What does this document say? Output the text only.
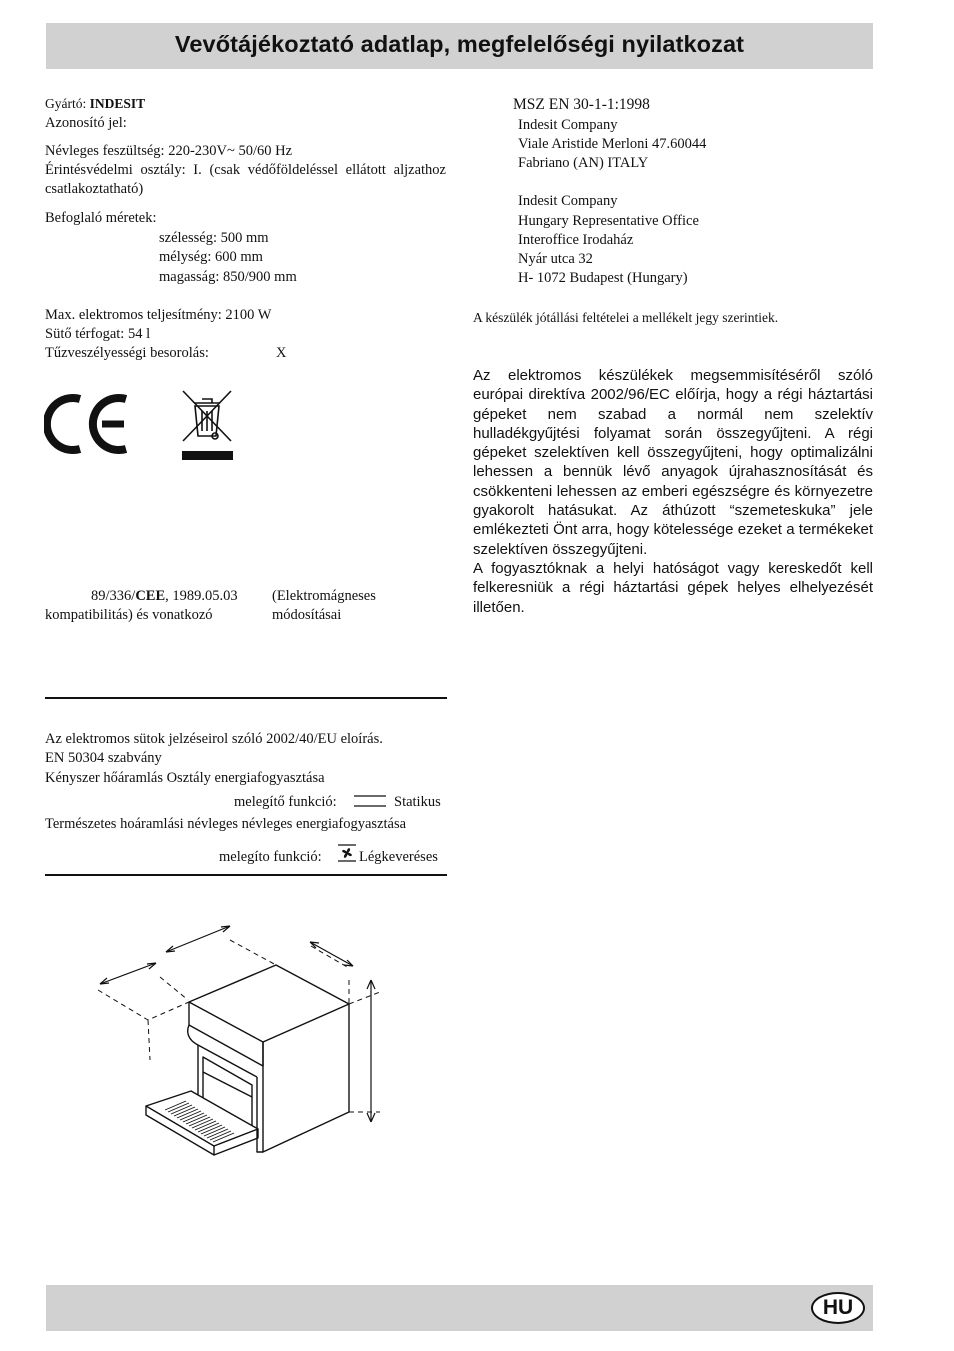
Vevőtájékoztató adatlap, megfelelőségi nyilatkozat
Gyártó: INDESIT
Azonosító jel:
Névleges feszültség: 220-230V~ 50/60 Hz
Érintésvédelmi osztály: I. (csak védőföldeléssel ellátott aljzathoz csatlakoztatható)
Befoglaló méretek:
szélesség: 500 mm
mélység: 600 mm
magasság: 850/900 mm
Max. elektromos teljesítmény: 2100 W
Sütő térfogat: 54 l
Tűzveszélyességi besorolás:	X
89/336/CEE, 1989.05.03 (Elektromágneses
kompatibilitás) és vonatkozó	módosításai
Az elektromos sütok jelzéseirol szóló 2002/40/EU eloírás.
EN 50304 szabvány
Kényszer hőáramlás Osztály energiafogyasztása
melegítő funkció:	Statikus
Természetes hoáramlási névleges névleges energiafogyasztása
melegíto funkció:	Légkeveréses
MSZ EN 30-1-1:1998
Indesit Company
Viale Aristide Merloni 47.60044
Fabriano (AN) ITALY
Indesit Company
Hungary Representative Office
Interoffice Irodaház
Nyár utca 32
H- 1072 Budapest (Hungary)
A készülék jótállási feltételei a mellékelt jegy szerintiek.

Az elektromos készülékek megsemmisítéséről szóló európai direktíva 2002/96/EC előírja, hogy a régi háztartási gépeket nem szabad a normál nem szelektív hulladékgyűjtési folyamat során összegyűjteni. A régi gépeket szelektíven kell összegyűjteni, hogy optimalizálni lehessen a bennük lévő anyagok újrahasznosítását és csökkenteni lehessen az emberi egészségre és környezetre gyakorolt hatásukat. Az áthúzott “szemeteskuka” jele emlékezteti Önt arra, hogy kötelessége ezeket a termékeket szelektíven összegyűjteni.

A fogyasztóknak a helyi hatóságot vagy kereskedőt kell felkeresniük a régi háztartási gépek helyes elhelyezését illetően.

HU
